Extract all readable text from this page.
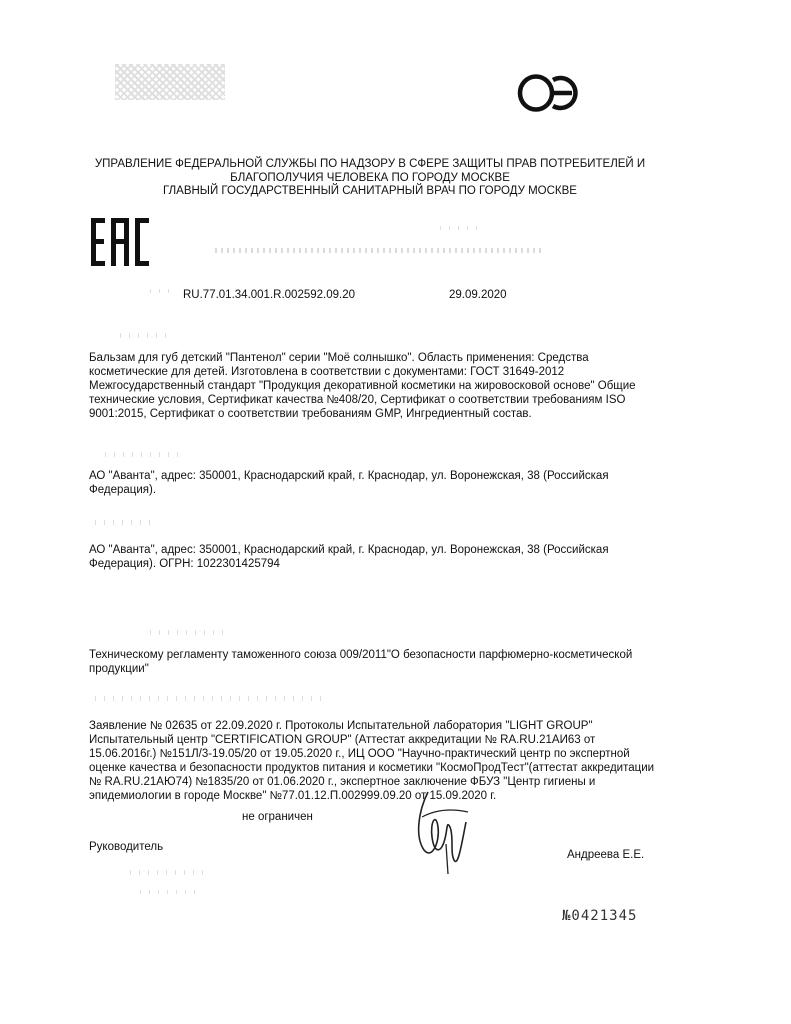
УПРАВЛЕНИЕ ФЕДЕРАЛЬНОЙ СЛУЖБЫ ПО НАДЗОРУ В СФЕРЕ ЗАЩИТЫ ПРАВ ПОТРЕБИТЕЛЕЙ И
БЛАГОПОЛУЧИЯ ЧЕЛОВЕКА ПО ГОРОДУ МОСКВЕ
ГЛАВНЫЙ ГОСУДАРСТВЕННЫЙ САНИТАРНЫЙ ВРАЧ ПО ГОРОДУ МОСКВЕ
RU.77.01.34.001.R.002592.09.20	29.09.2020
Бальзам для губ детский "Пантенол" серии "Моё солнышко". Область применения: Средства
косметические для детей. Изготовлена в соответствии с документами: ГОСТ 31649-2012
Межгосударственный стандарт "Продукция декоративной косметики на жировосковой основе" Общие
технические условия, Сертификат качества №408/20, Сертификат о соответствии требованиям ISO
9001:2015, Сертификат о соответствии требованиям GMP, Ингредиентный состав.
АО "Аванта", адрес: 350001, Краснодарский край, г. Краснодар, ул. Воронежская, 38 (Российская
Федерация).
АО "Аванта", адрес: 350001, Краснодарский край, г. Краснодар, ул. Воронежская, 38 (Российская
Федерация). ОГРН: 1022301425794
Техническому регламенту таможенного союза 009/2011"О безопасности парфюмерно-косметической
продукции"
Заявление № 02635 от 22.09.2020 г. Протоколы Испытательной лаборатория "LIGHT GROUP"
Испытательный центр "CERTIFICATION GROUP" (Аттестат аккредитации № RA.RU.21АИ63 от
15.06.2016г.) №151Л/3-19.05/20 от 19.05.2020 г., ИЦ ООО "Научно-практический центр по экспертной
оценке качества и безопасности продуктов питания и косметики "КосмоПродТест"(аттестат аккредитации
№ RA.RU.21АЮ74) №1835/20 от 01.06.2020 г., экспертное заключение ФБУЗ "Центр гигиены и
эпидемиологии в городе Москве" №77.01.12.П.002999.09.20 от 15.09.2020 г.
не ограничен
Руководитель
Андреева Е.Е.
№0421345
